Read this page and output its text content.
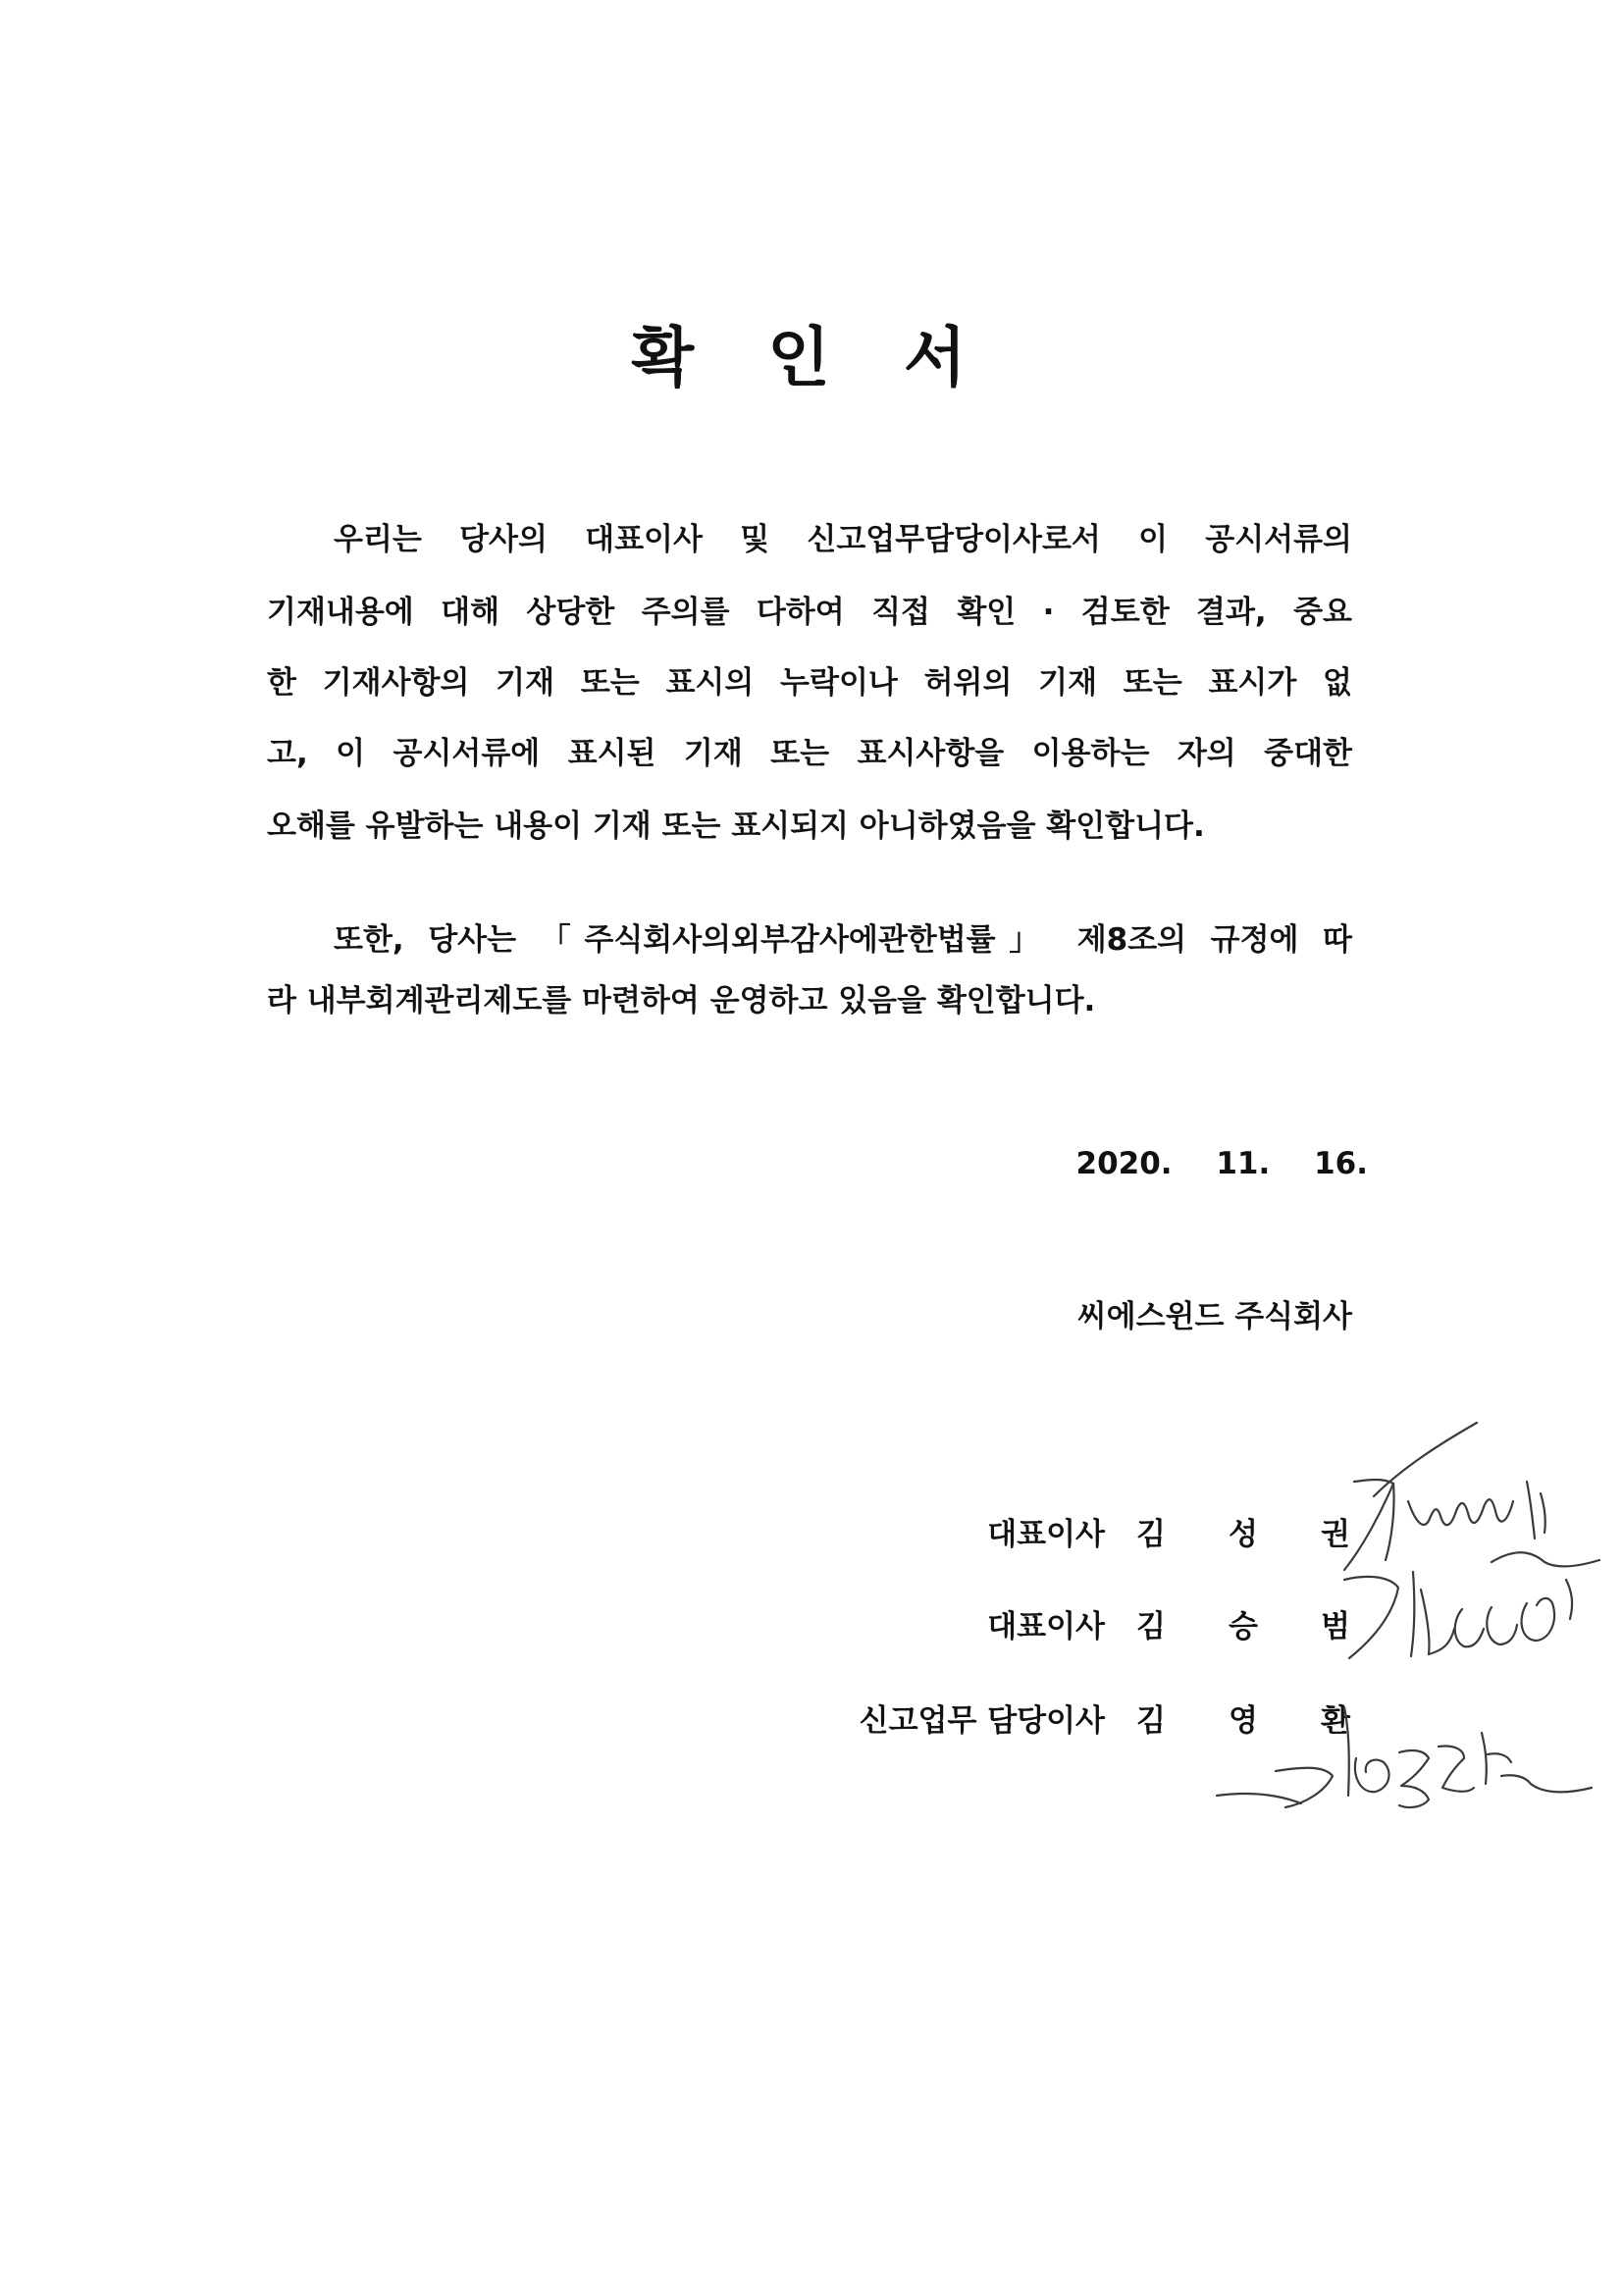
확 인 서
우리는 당사의 대표이사 및 신고업무담당이사로서 이 공시서류의
기재내용에 대해 상당한 주의를 다하여 직접 확인 · 검토한 결과, 중요
한 기재사항의 기재 또는 표시의 누락이나 허위의 기재 또는 표시가 없
고, 이 공시서류에 표시된 기재 또는 표시사항을 이용하는 자의 중대한
오해를 유발하는 내용이 기재 또는 표시되지 아니하였음을 확인합니다.
또한, 당사는 「주식회사의외부감사에관한법률」 제8조의 규정에 따
라 내부회계관리제도를 마련하여 운영하고 있음을 확인합니다.
2020. 11. 16.
씨에스윈드 주식회사
대표이사 김 성 권
대표이사 김 승 범
신고업무 담당이사 김 영 환
